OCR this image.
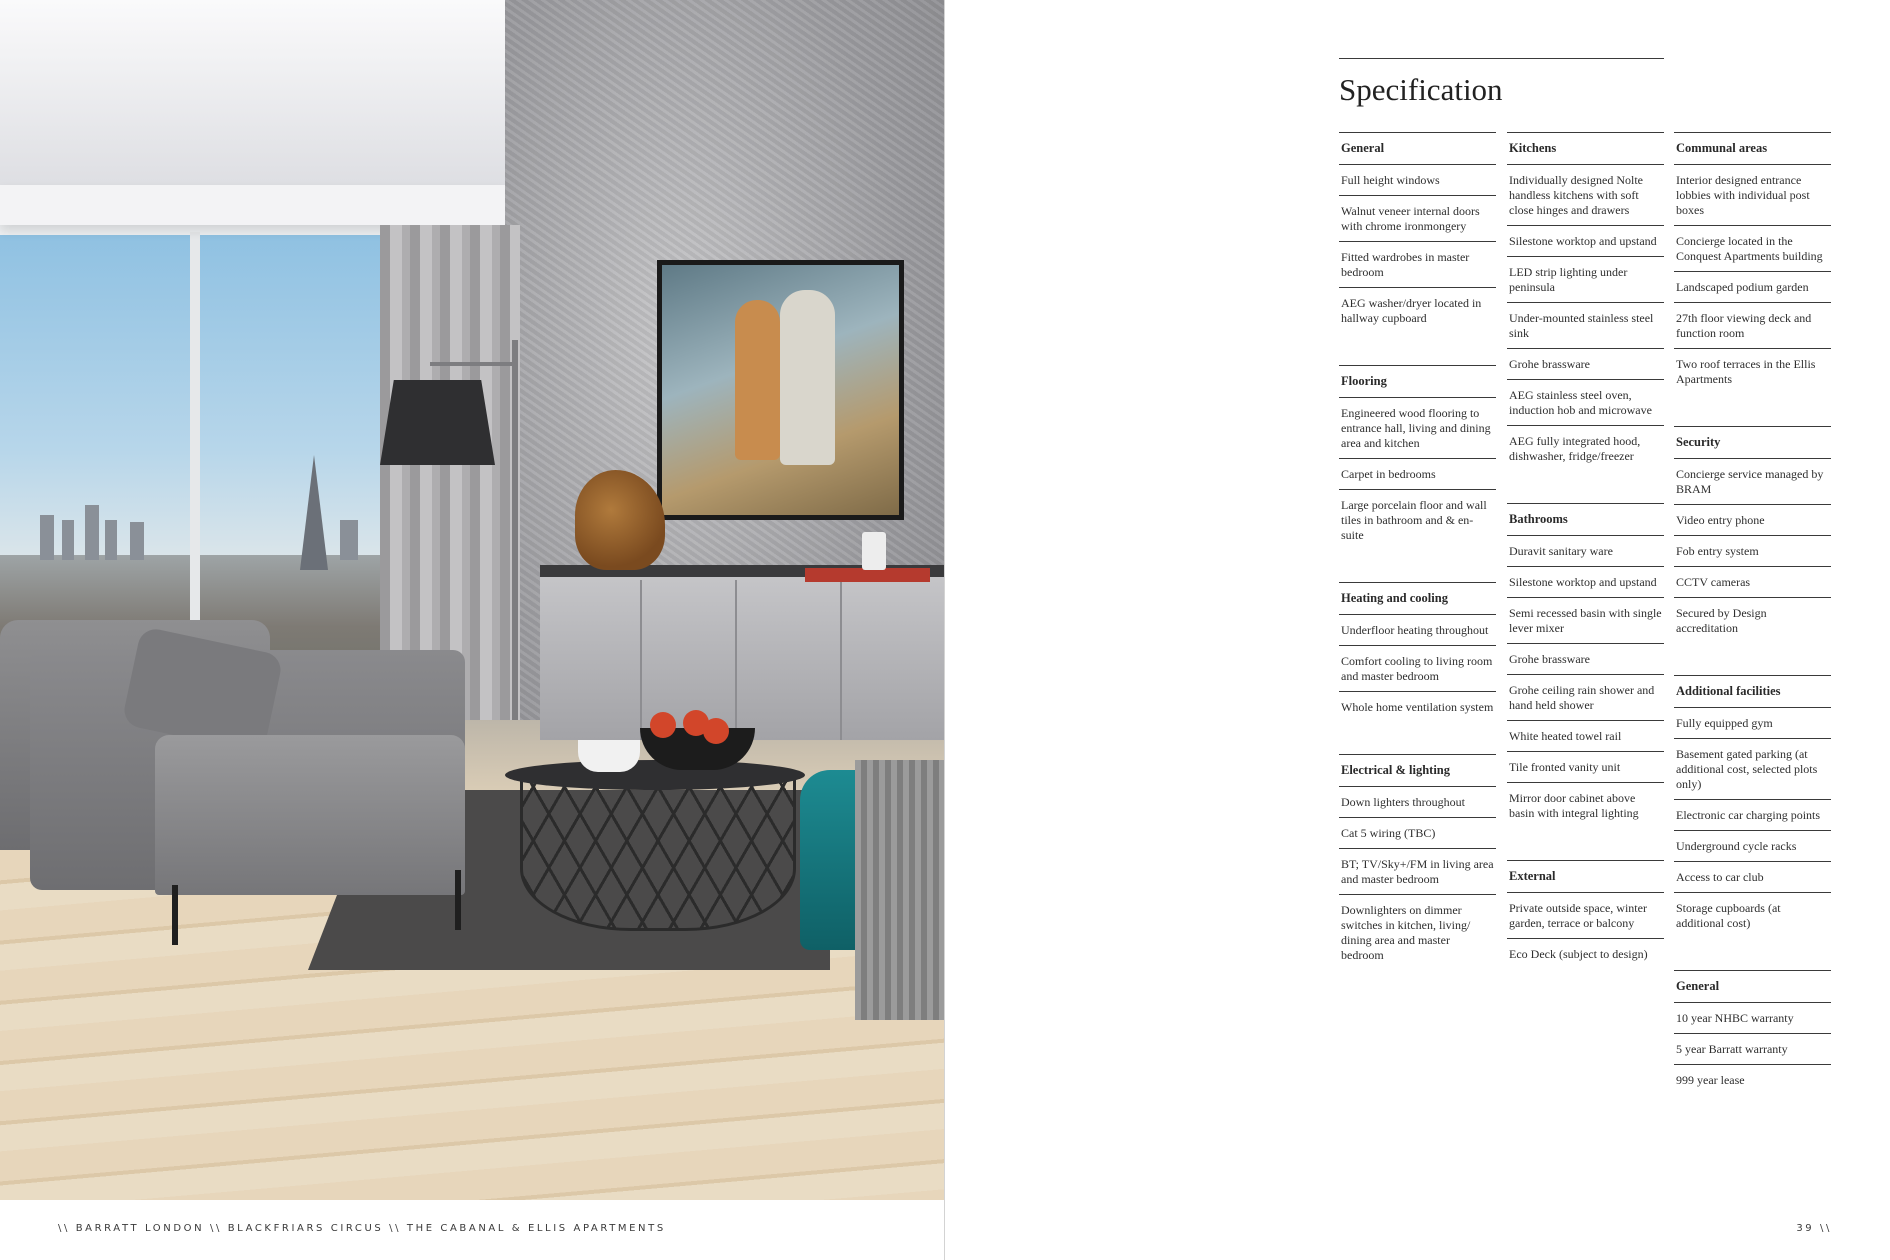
\\ BARRATT LONDON \\ BLACKFRIARS CIRCUS \\ THE CABANAL & ELLIS APARTMENTS	39 \\
Specification
General
Full height windows
Walnut veneer internal doors with chrome ironmongery
Fitted wardrobes in master bedroom
AEG washer/dryer located in hallway cupboard
Flooring
Engineered wood flooring to entrance hall, living and dining area and kitchen
Carpet in bedrooms
Large porcelain floor and wall tiles in bathroom and & en-suite
Heating and cooling
Underfloor heating throughout
Comfort cooling to living room and master bedroom
Whole home ventilation system
Electrical & lighting
Down lighters throughout
Cat 5 wiring (TBC)
BT; TV/Sky+/FM in living area and master bedroom
Downlighters on dimmer switches in kitchen, living/ dining area and master bedroom
Kitchens
Individually designed Nolte handless kitchens with soft close hinges and drawers
Silestone worktop and upstand
LED strip lighting under peninsula
Under-mounted stainless steel sink
Grohe brassware
AEG stainless steel oven, induction hob and microwave
AEG fully integrated hood, dishwasher, fridge/freezer
Bathrooms
Duravit sanitary ware
Silestone worktop and upstand
Semi recessed basin with single lever mixer
Grohe brassware
Grohe ceiling rain shower and hand held shower
White heated towel rail
Tile fronted vanity unit
Mirror door cabinet above basin with integral lighting
External
Private outside space, winter garden, terrace or balcony
Eco Deck (subject to design)
Communal areas
Interior designed entrance lobbies with individual post boxes
Concierge located in the Conquest Apartments building
Landscaped podium garden
27th floor viewing deck and function room
Two roof terraces in the Ellis Apartments
Security
Concierge service managed by BRAM
Video entry phone
Fob entry system
CCTV cameras
Secured by Design accreditation
Additional facilities
Fully equipped gym
Basement gated parking (at additional cost, selected plots only)
Electronic car charging points
Underground cycle racks
Access to car club
Storage cupboards (at additional cost)
General
10 year NHBC warranty
5 year Barratt warranty
999 year lease
